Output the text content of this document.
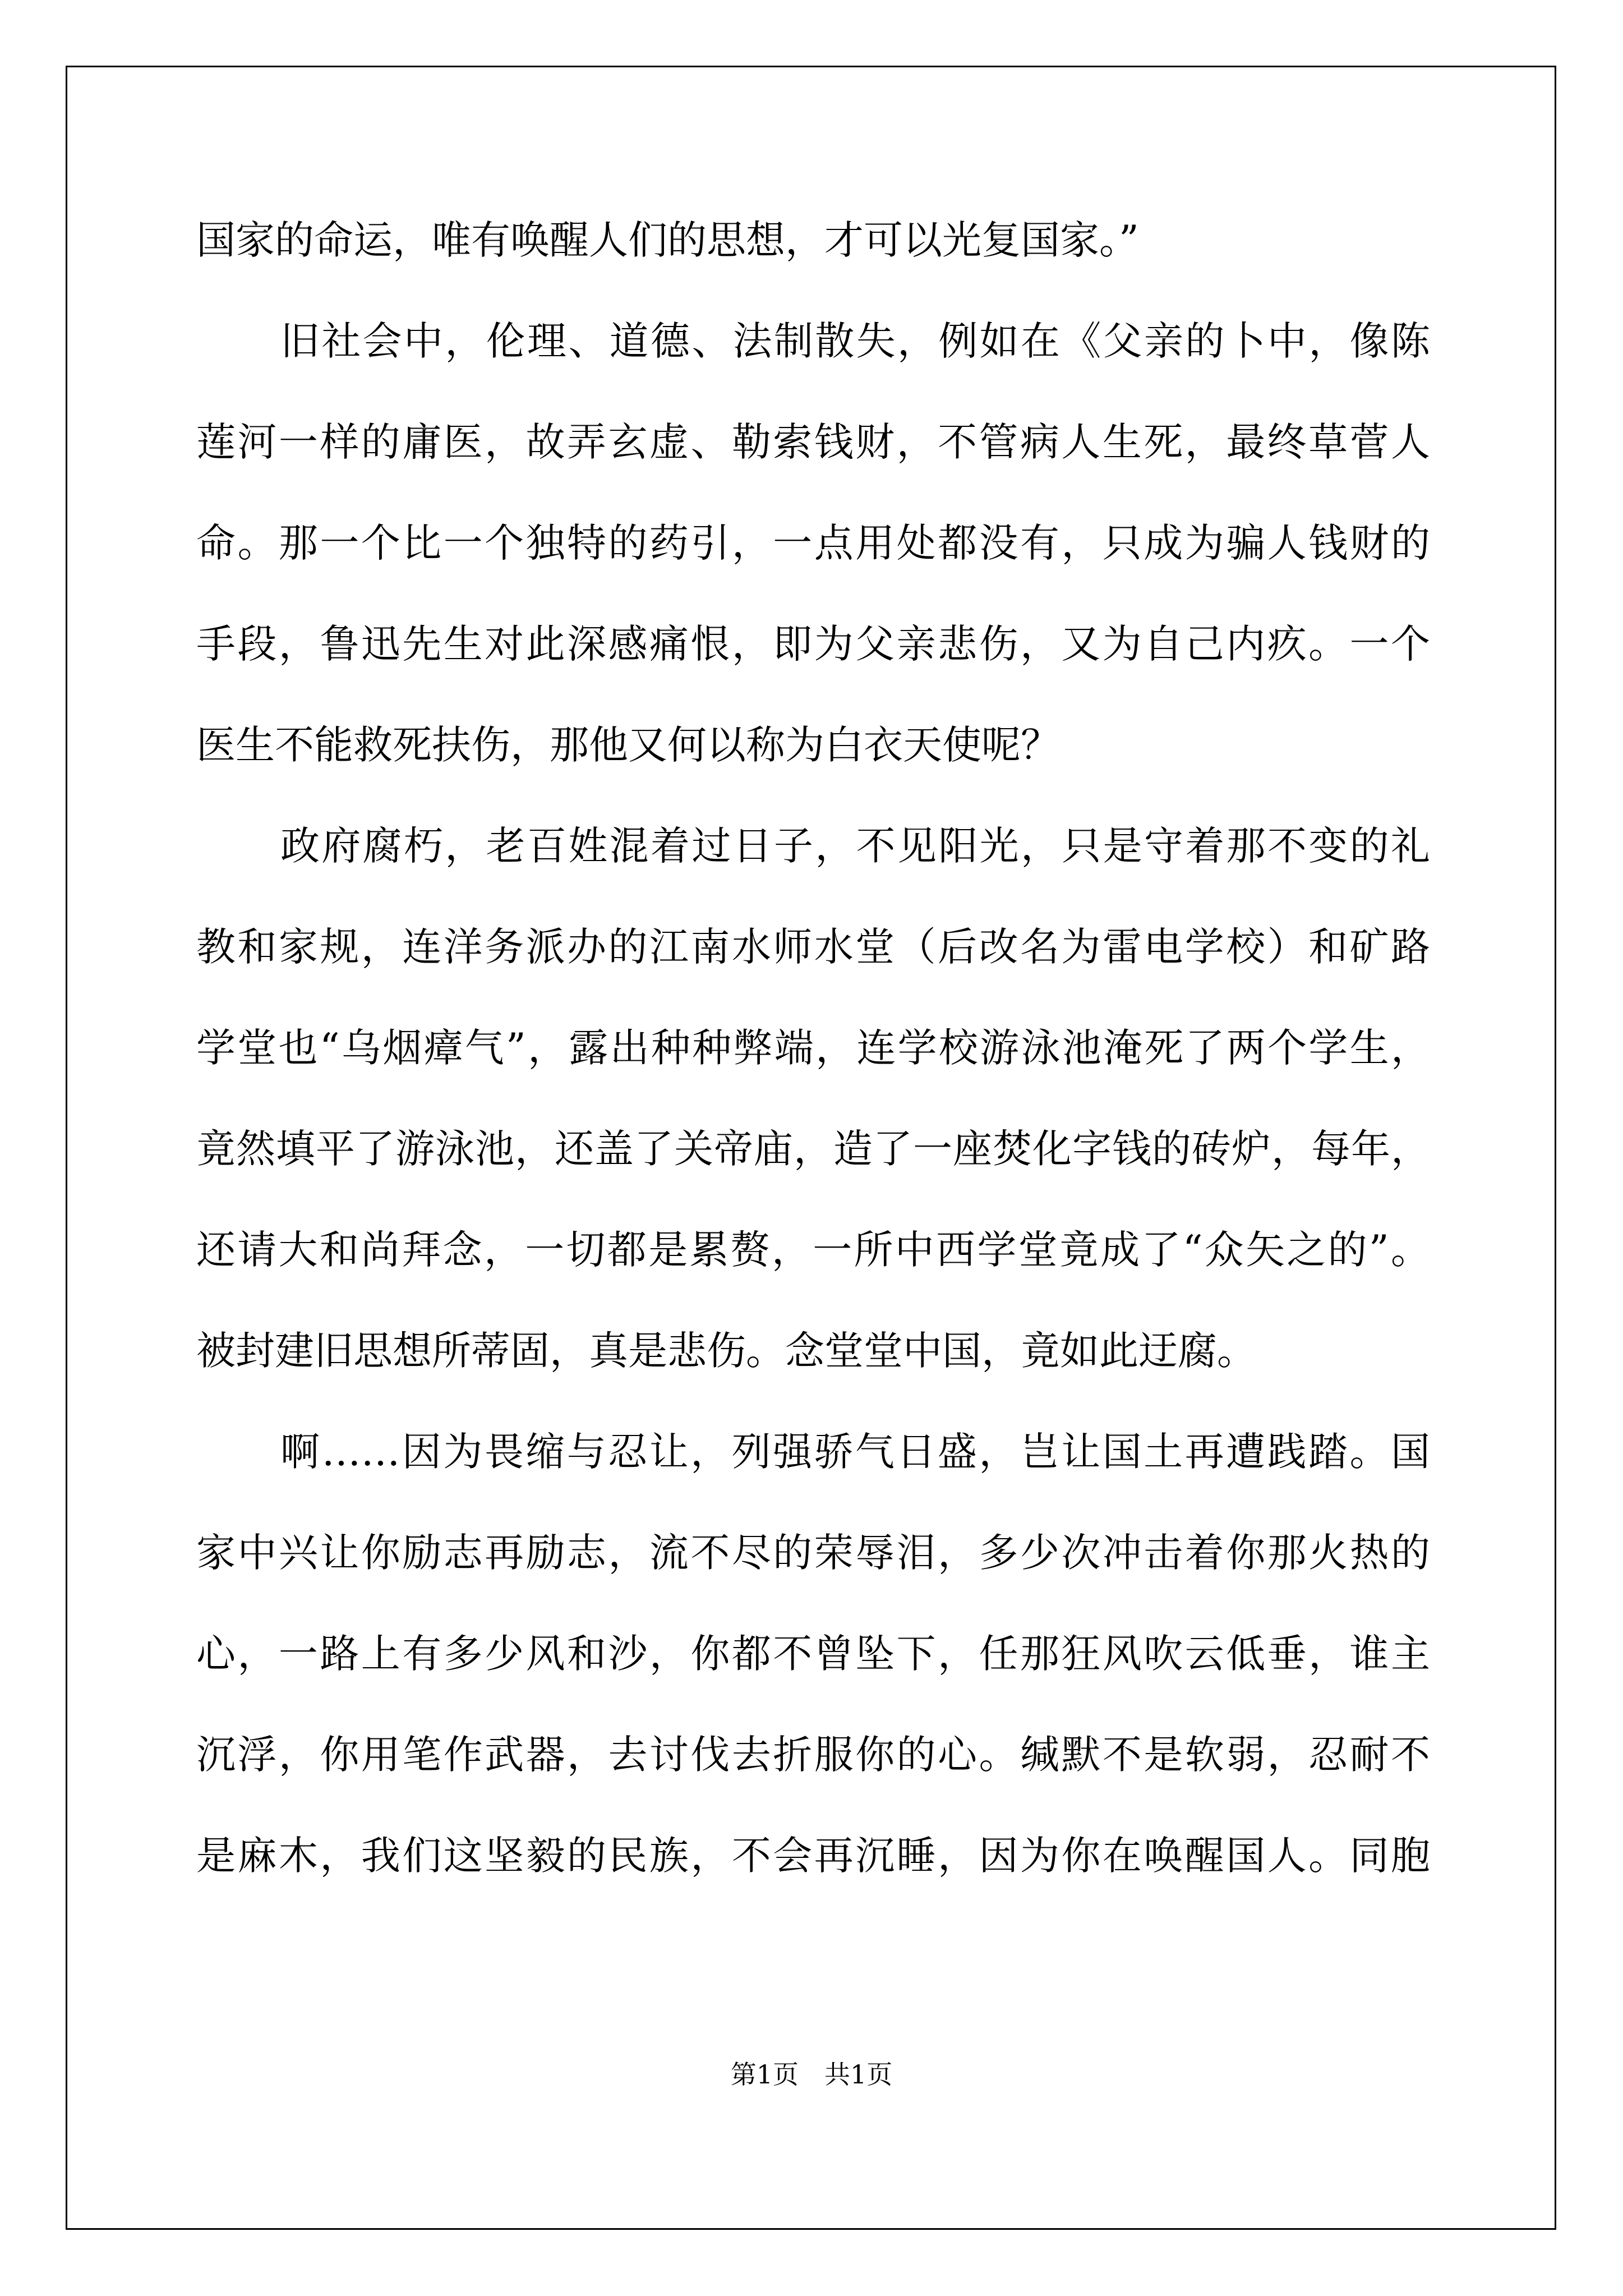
国家的命运，唯有唤醒人们的思想，才可以光复国家。”
旧社会中，伦理、道德、法制散失，例如在《父亲的卜中，像陈
莲河一样的庸医，故弄玄虚、勒索钱财，不管病人生死，最终草菅人
命。那一个比一个独特的药引，一点用处都没有，只成为骗人钱财的
手段，鲁迅先生对此深感痛恨，即为父亲悲伤，又为自己内疚。一个
医生不能救死扶伤，那他又何以称为白衣天使呢？
政府腐朽，老百姓混着过日子，不见阳光，只是守着那不变的礼
教和家规，连洋务派办的江南水师水堂（后改名为雷电学校）和矿路
学堂也“乌烟瘴气”，露出种种弊端，连学校游泳池淹死了两个学生，
竟然填平了游泳池，还盖了关帝庙，造了一座焚化字钱的砖炉，每年，
还请大和尚拜念，一切都是累赘，一所中西学堂竟成了“众矢之的”。
被封建旧思想所蒂固，真是悲伤。念堂堂中国，竟如此迂腐。
啊……因为畏缩与忍让，列强骄气日盛，岂让国土再遭践踏。国
家中兴让你励志再励志，流不尽的荣辱泪，多少次冲击着你那火热的
心，一路上有多少风和沙，你都不曾坠下，任那狂风吹云低垂，谁主
沉浮，你用笔作武器，去讨伐去折服你的心。缄默不是软弱，忍耐不
是麻木，我们这坚毅的民族，不会再沉睡，因为你在唤醒国人。同胞
第1页　共1页
